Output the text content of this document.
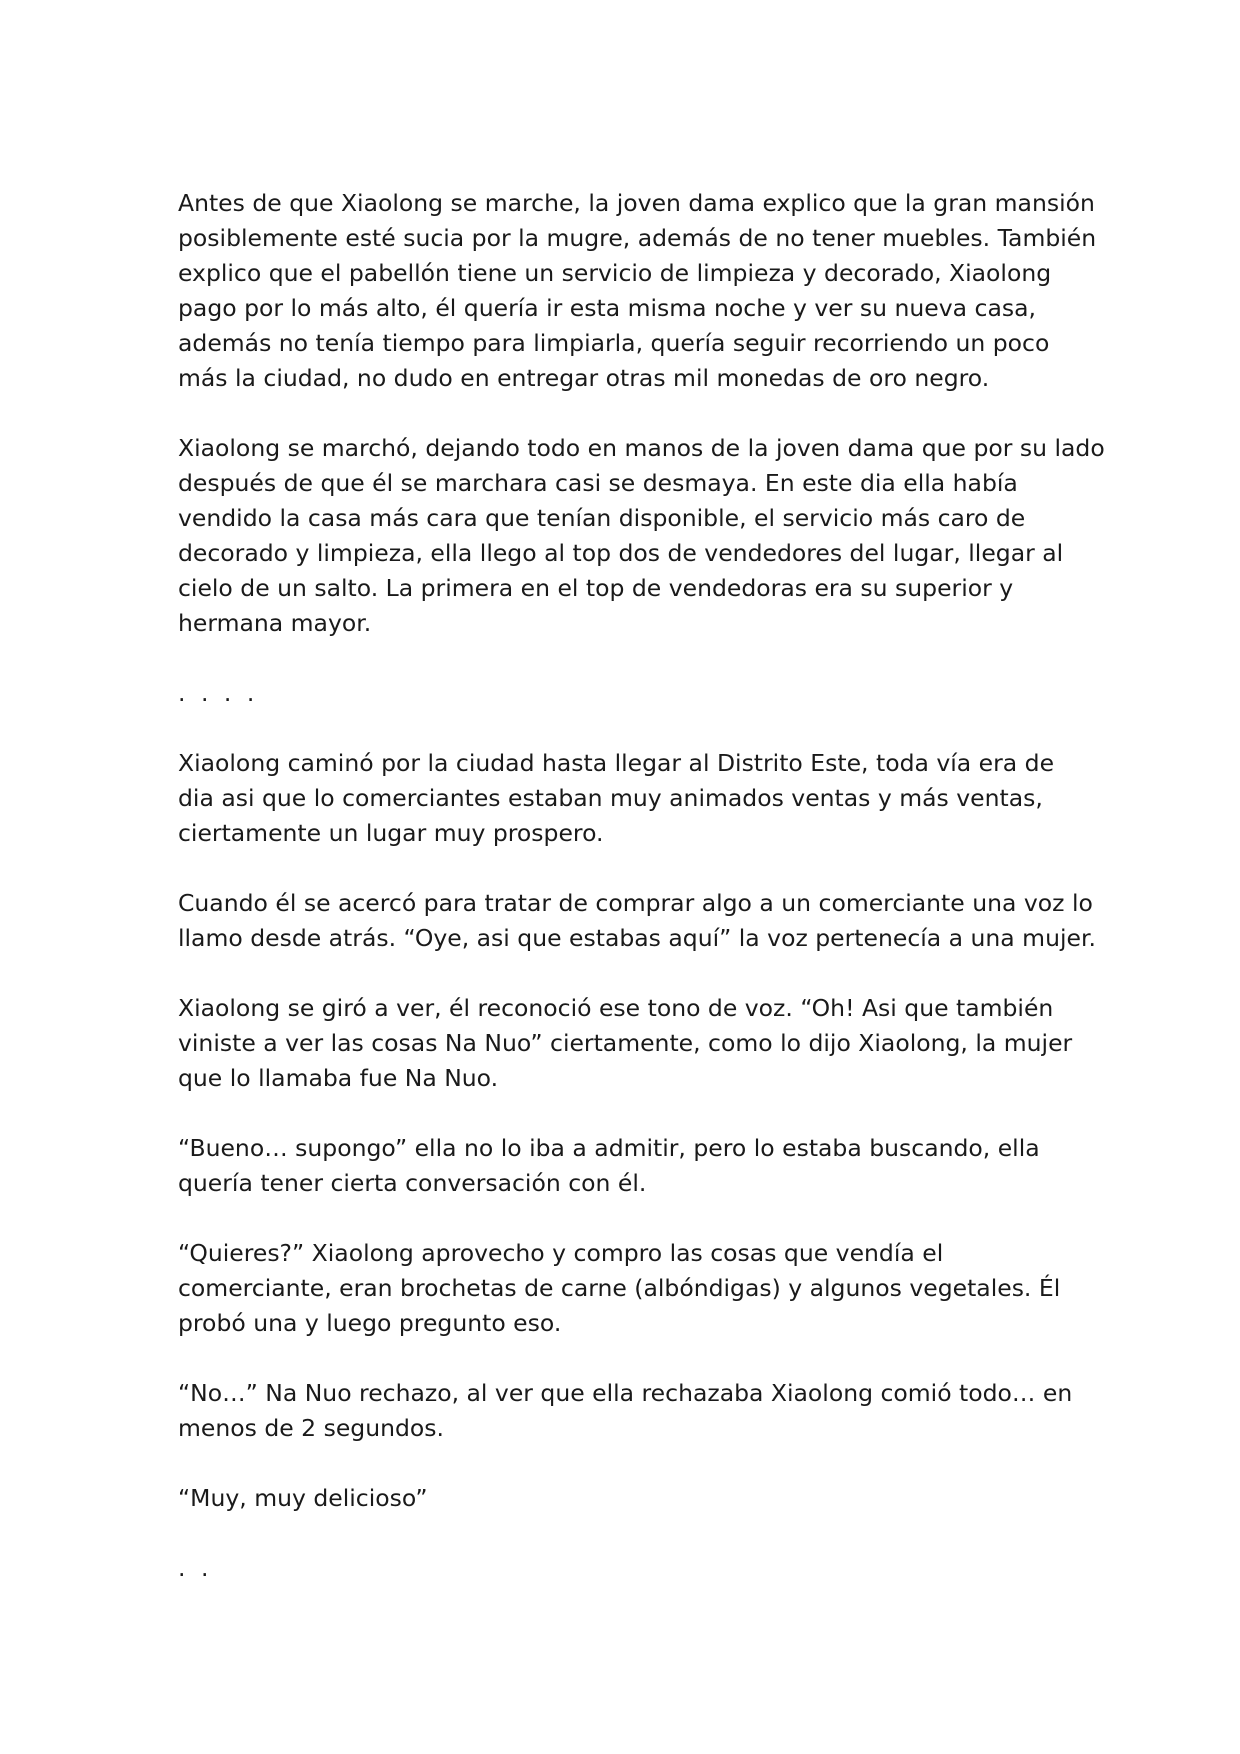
Antes de que Xiaolong se marche, la joven dama explico que la gran mansión
posiblemente esté sucia por la mugre, además de no tener muebles. También
explico que el pabellón tiene un servicio de limpieza y decorado, Xiaolong
pago por lo más alto, él quería ir esta misma noche y ver su nueva casa,
además no tenía tiempo para limpiarla, quería seguir recorriendo un poco
más la ciudad, no dudo en entregar otras mil monedas de oro negro.
Xiaolong se marchó, dejando todo en manos de la joven dama que por su lado
después de que él se marchara casi se desmaya. En este dia ella había
vendido la casa más cara que tenían disponible, el servicio más caro de
decorado y limpieza, ella llego al top dos de vendedores del lugar, llegar al
cielo de un salto. La primera en el top de vendedoras era su superior y
hermana mayor.
. . . .
Xiaolong caminó por la ciudad hasta llegar al Distrito Este, toda vía era de
dia asi que lo comerciantes estaban muy animados ventas y más ventas,
ciertamente un lugar muy prospero.
Cuando él se acercó para tratar de comprar algo a un comerciante una voz lo
llamo desde atrás. “Oye, asi que estabas aquí” la voz pertenecía a una mujer.
Xiaolong se giró a ver, él reconoció ese tono de voz. “Oh! Asi que también
viniste a ver las cosas Na Nuo” ciertamente, como lo dijo Xiaolong, la mujer
que lo llamaba fue Na Nuo.
“Bueno… supongo” ella no lo iba a admitir, pero lo estaba buscando, ella
quería tener cierta conversación con él.
“Quieres?” Xiaolong aprovecho y compro las cosas que vendía el
comerciante, eran brochetas de carne (albóndigas) y algunos vegetales. Él
probó una y luego pregunto eso.
“No…” Na Nuo rechazo, al ver que ella rechazaba Xiaolong comió todo… en
menos de 2 segundos.
“Muy, muy delicioso”
. .
